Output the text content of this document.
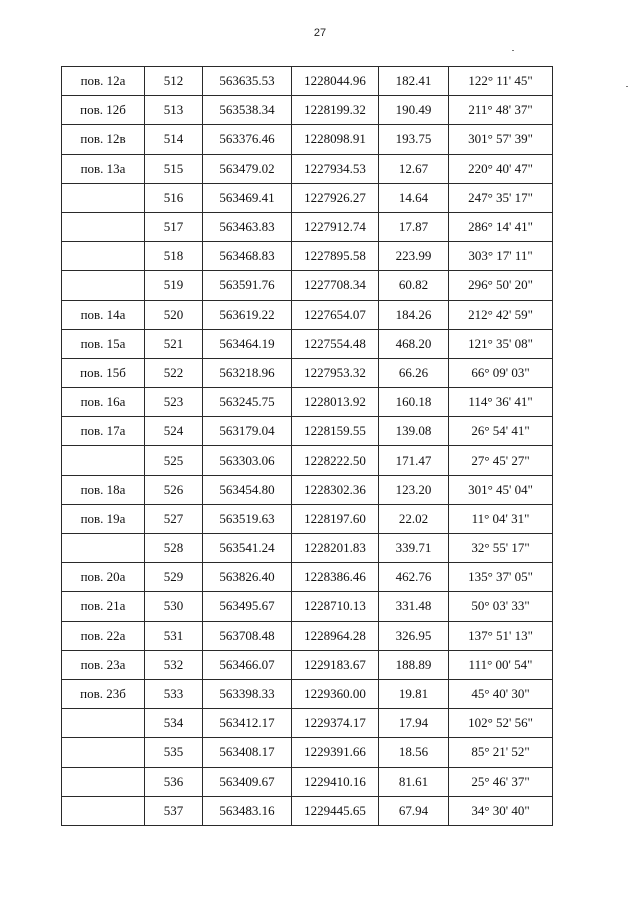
27
пов. 12а	512	563635.53	1228044.96	182.41	122° 11' 45"
пов. 12б	513	563538.34	1228199.32	190.49	211° 48' 37"
пов. 12в	514	563376.46	1228098.91	193.75	301° 57' 39"
пов. 13а	515	563479.02	1227934.53	12.67	220° 40' 47"
	516	563469.41	1227926.27	14.64	247° 35' 17"
	517	563463.83	1227912.74	17.87	286° 14' 41"
	518	563468.83	1227895.58	223.99	303° 17' 11"
	519	563591.76	1227708.34	60.82	296° 50' 20"
пов. 14а	520	563619.22	1227654.07	184.26	212° 42' 59"
пов. 15а	521	563464.19	1227554.48	468.20	121° 35' 08"
пов. 15б	522	563218.96	1227953.32	66.26	66° 09' 03"
пов. 16а	523	563245.75	1228013.92	160.18	114° 36' 41"
пов. 17а	524	563179.04	1228159.55	139.08	26° 54' 41"
	525	563303.06	1228222.50	171.47	27° 45' 27"
пов. 18а	526	563454.80	1228302.36	123.20	301° 45' 04"
пов. 19а	527	563519.63	1228197.60	22.02	11° 04' 31"
	528	563541.24	1228201.83	339.71	32° 55' 17"
пов. 20а	529	563826.40	1228386.46	462.76	135° 37' 05"
пов. 21а	530	563495.67	1228710.13	331.48	50° 03' 33"
пов. 22а	531	563708.48	1228964.28	326.95	137° 51' 13"
пов. 23а	532	563466.07	1229183.67	188.89	111° 00' 54"
пов. 23б	533	563398.33	1229360.00	19.81	45° 40' 30"
	534	563412.17	1229374.17	17.94	102° 52' 56"
	535	563408.17	1229391.66	18.56	85° 21' 52"
	536	563409.67	1229410.16	81.61	25° 46' 37"
	537	563483.16	1229445.65	67.94	34° 30' 40"
